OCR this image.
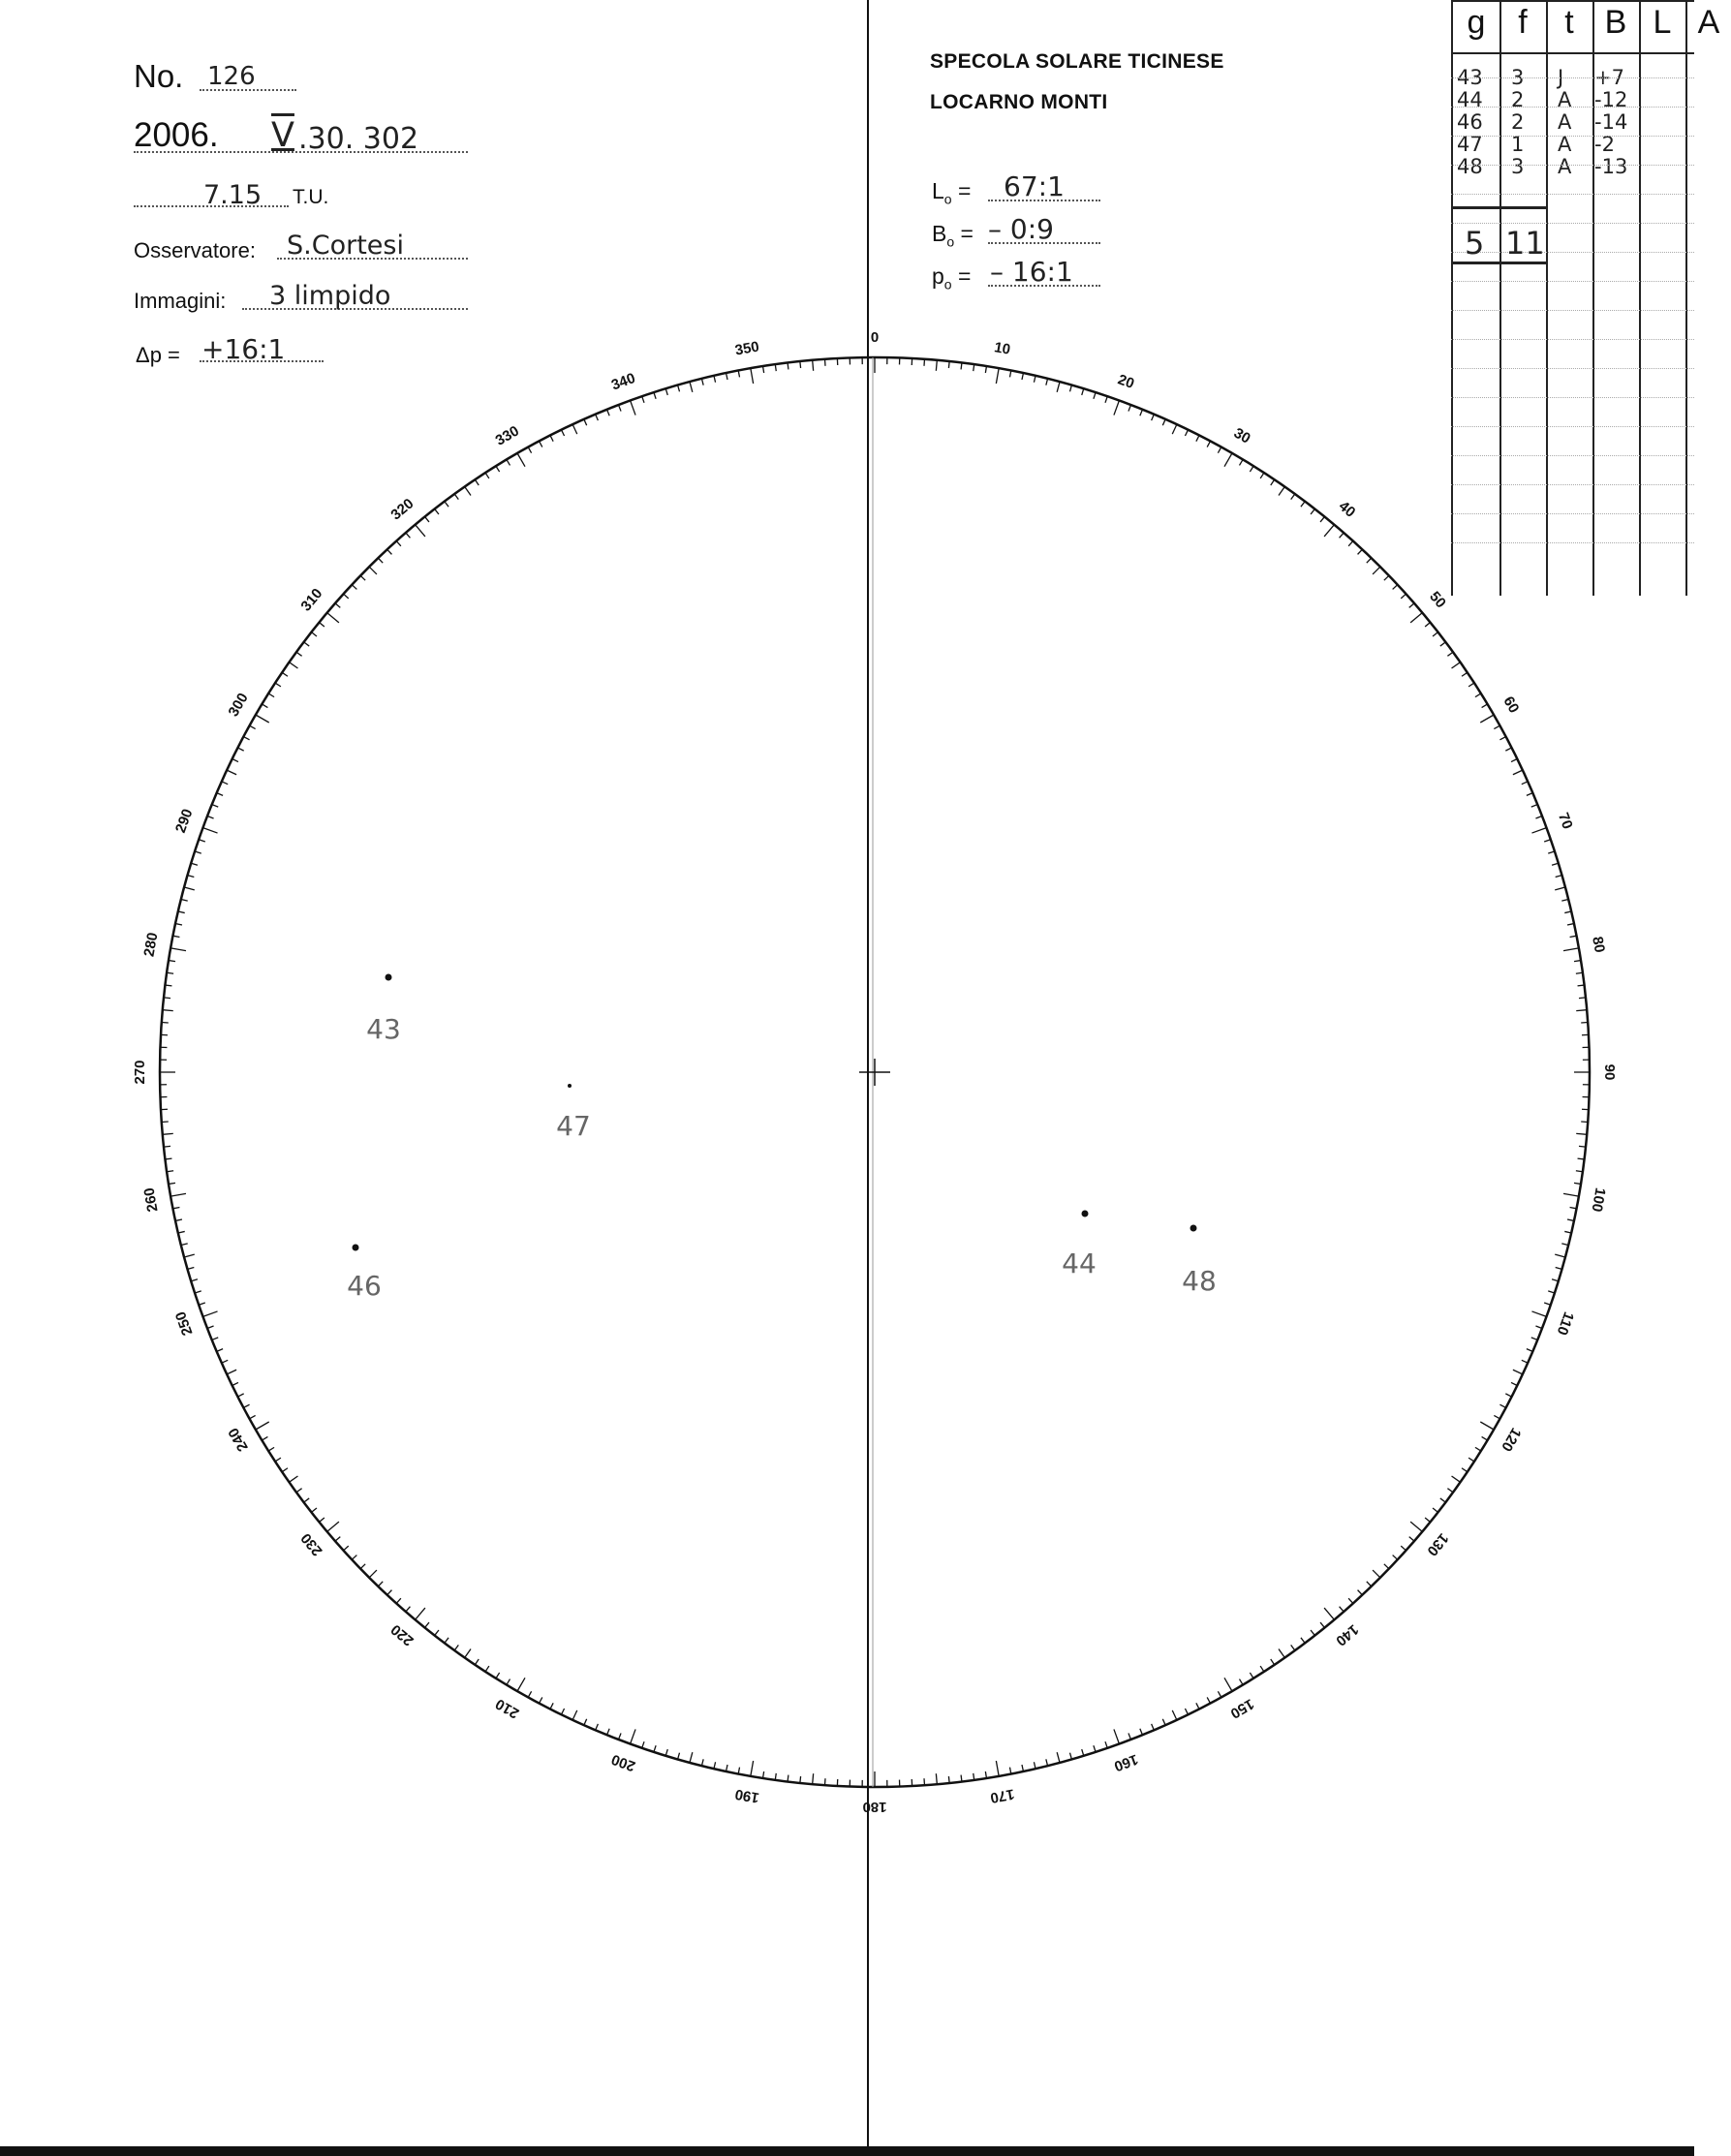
No. 126
2006. V .30. 302
7.15 T.U.
Osservatore: S.Cortesi
Immagini: 3 limpido
Δp = +16:1
SPECOLA SOLARE TICINESE
LOCARNO MONTI
$L_o$ = 67:1
$B_o$ = – 0:9
$p_o$ = – 16:1
g f	t B L A
43 3 J +7
44 2 A -12
46 2 A -14
47 1 A -2
48 3 A -13
5 11
0
10
20
30
40
50
60
70
80
90
100
110
120
130
140
150
160
170
180
190
200
210
220
230
240
250
260
270
280
290
300
310
320
330
340
350
43
47
46
44
48
